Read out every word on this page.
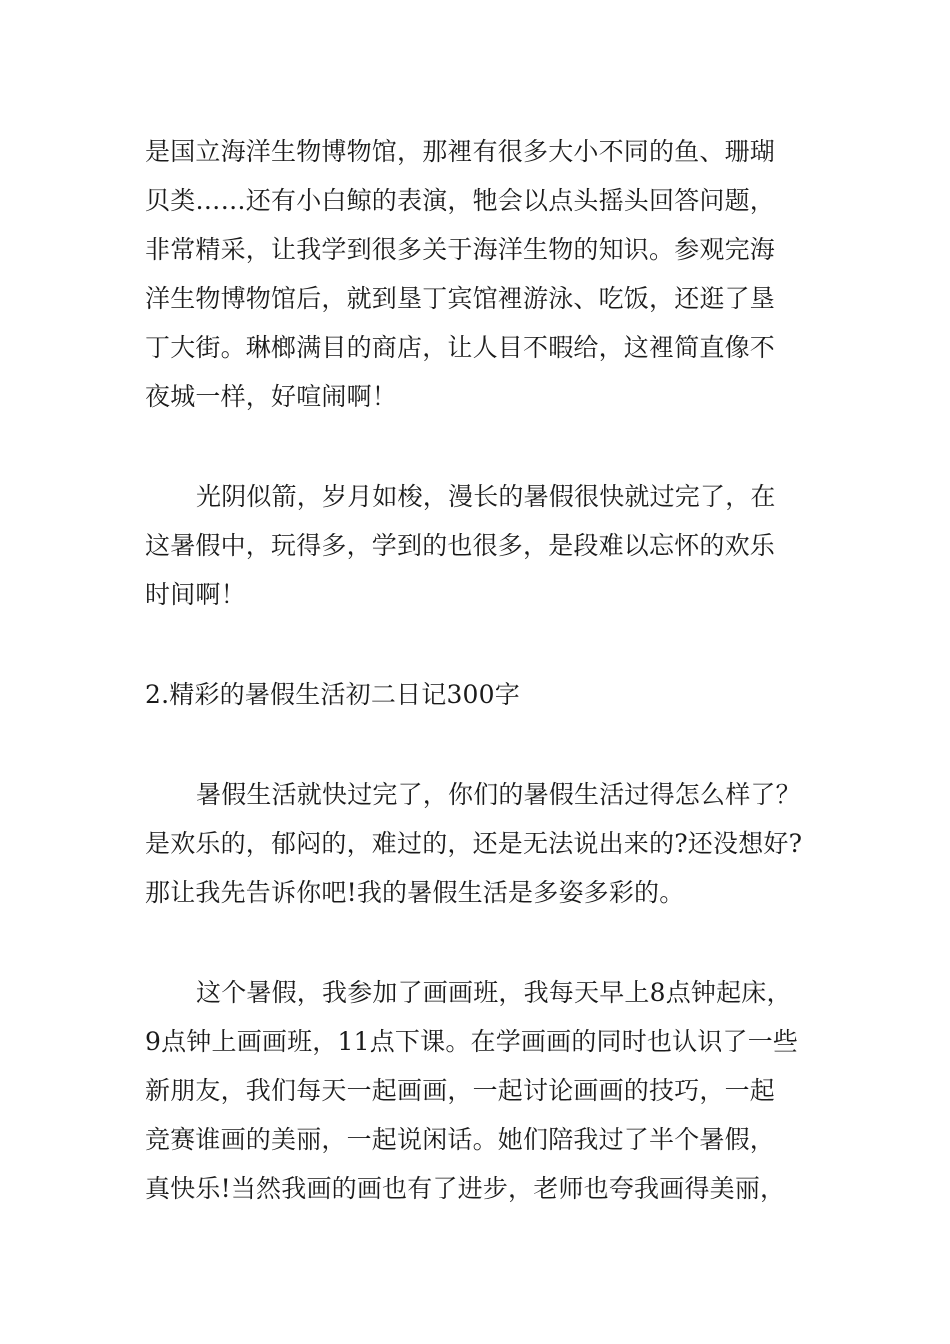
是国立海洋生物博物馆，那裡有很多大小不同的鱼、珊瑚
贝类……还有小白鲸的表演，牠会以点头摇头回答问题，
非常精采，让我学到很多关于海洋生物的知识。参观完海
洋生物博物馆后，就到垦丁宾馆裡游泳、吃饭，还逛了垦
丁大街。琳榔满目的商店，让人目不暇给，这裡简直像不
夜城一样，好喧闹啊！
光阴似箭，岁月如梭，漫长的暑假很快就过完了，在
这暑假中，玩得多，学到的也很多，是段难以忘怀的欢乐
时间啊！
2.精彩的暑假生活初二日记300字
暑假生活就快过完了，你们的暑假生活过得怎么样了？
是欢乐的，郁闷的，难过的，还是无法说出来的?还没想好?
那让我先告诉你吧!我的暑假生活是多姿多彩的。
这个暑假，我参加了画画班，我每天早上8点钟起床，
9点钟上画画班，11点下课。在学画画的同时也认识了一些
新朋友，我们每天一起画画，一起讨论画画的技巧，一起
竞赛谁画的美丽，一起说闲话。她们陪我过了半个暑假，
真快乐!当然我画的画也有了进步，老师也夸我画得美丽，
